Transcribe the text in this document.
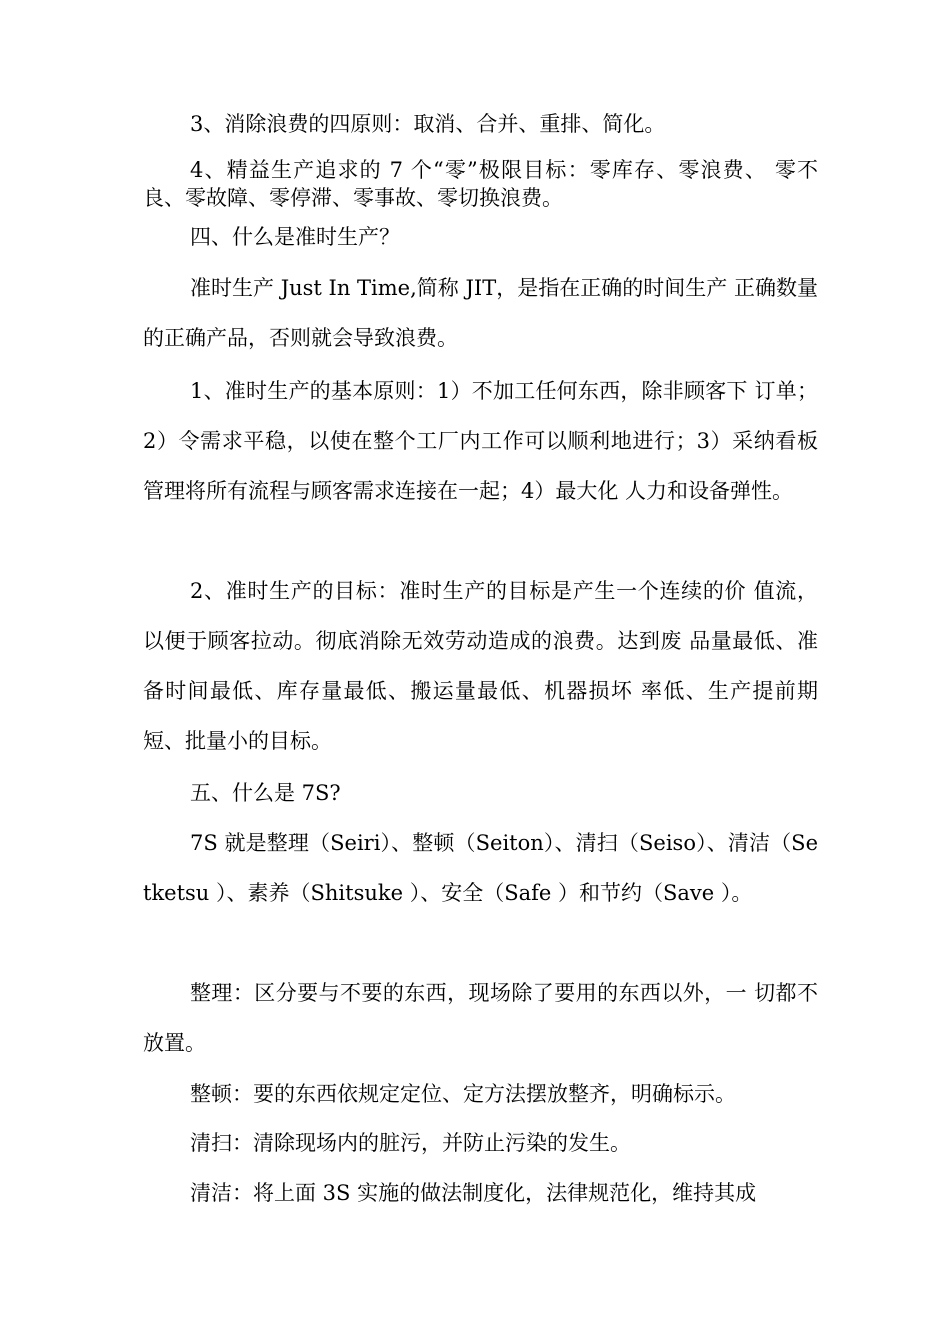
3、消除浪费的四原则：取消、合并、重排、简化。

4、精益生产追求的 7 个“零”极限目标：零库存、零浪费、 零不良、零故障、零停滞、零事故、零切换浪费。

四、什么是准时生产？

准时生产 Just In Time,简称 JIT，是指在正确的时间生产 正确数量的正确产品，否则就会导致浪费。

1、准时生产的基本原则：1）不加工任何东西，除非顾客下 订单；2）令需求平稳，以使在整个工厂内工作可以顺利地进行；3）采纳看板管理将所有流程与顾客需求连接在一起；4）最大化 人力和设备弹性。

2、准时生产的目标：准时生产的目标是产生一个连续的价 值流，以便于顾客拉动。彻底消除无效劳动造成的浪费。达到废 品量最低、准备时间最低、库存量最低、搬运量最低、机器损坏 率低、生产提前期短、批量小的目标。

五、什么是 7S?

7S 就是整理（Seiri）、整顿（Seiton）、清扫（Seiso）、清洁（Setketsu ）、素养（Shitsuke ）、安全（Safe ）和节约（Save ）。

整理：区分要与不要的东西，现场除了要用的东西以外，一 切都不放置。

整顿：要的东西依规定定位、定方法摆放整齐，明确标示。

清扫：清除现场内的脏污，并防止污染的发生。

清洁：将上面 3S 实施的做法制度化，法律规范化，维持其成
